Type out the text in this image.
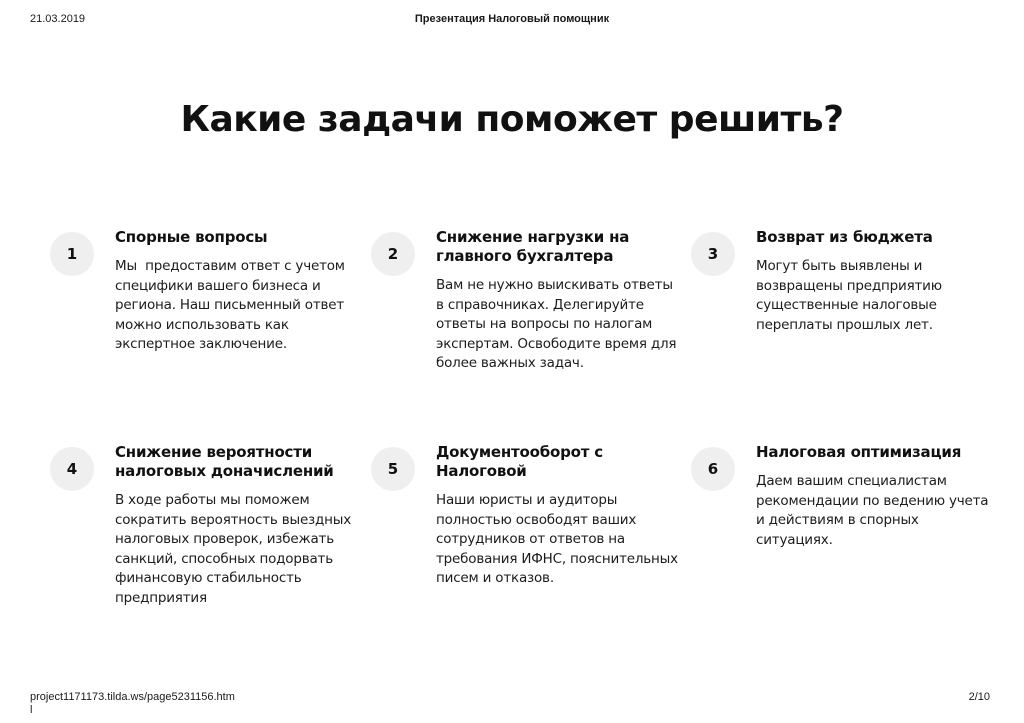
21.03.2019	Презентация Налоговый помощник
Какие задачи поможет решить?
1
Спорные вопросы
Мы  предоставим ответ с учетом специфики вашего бизнеса и региона. Наш письменный ответ можно использовать как экспертное заключение.
2
Снижение нагрузки на главного бухгалтера
Вам не нужно выискивать ответы в справочниках. Делегируйте ответы на вопросы по налогам экспертам. Освободите время для более важных задач.
3
Возврат из бюджета
Могут быть выявлены и возвращены предприятию существенные налоговые переплаты прошлых лет.
4
Снижение вероятности налоговых доначислений
В ходе работы мы поможем сократить вероятность выездных налоговых проверок, избежать санкций, способных подорвать финансовую стабильность предприятия
5
Документооборот с Налоговой
Наши юристы и аудиторы полностью освободят ваших сотрудников от ответов на требования ИФНС, пояснительных писем и отказов.
6
Налоговая оптимизация
Даем вашим специалистам рекомендации по ведению учета и действиям в спорных ситуациях.
project1171173.tilda.ws/page5231156.htm
l
2/10
